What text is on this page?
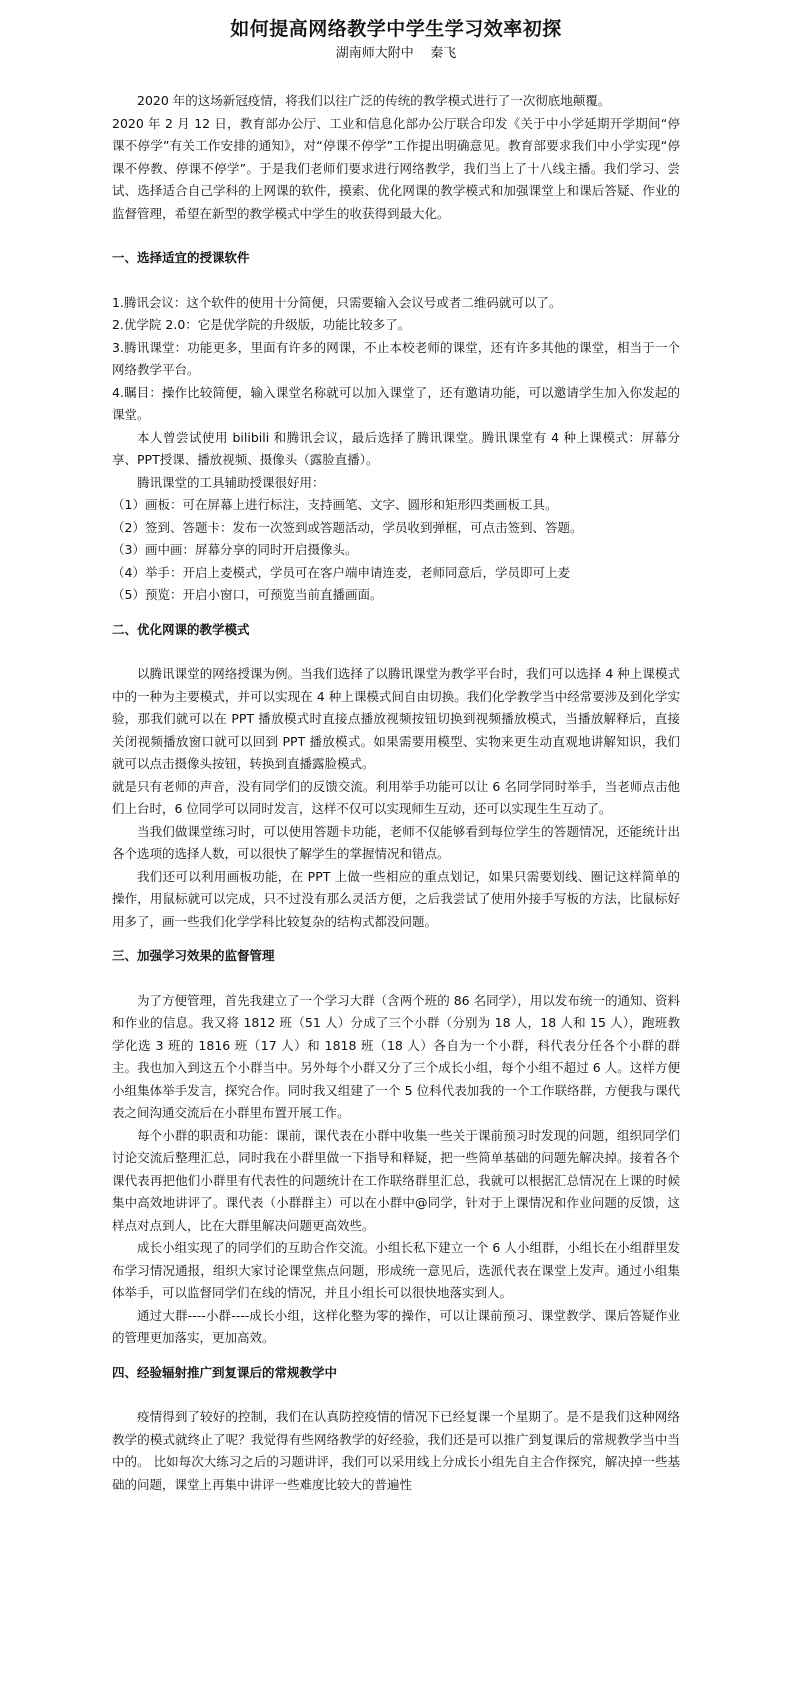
如何提高网络教学中学生学习效率初探

湖南师大附中    秦飞

2020 年的这场新冠疫情，将我们以往广泛的传统的教学模式进行了一次彻底地颠覆。

2020 年 2 月 12 日，教育部办公厅、工业和信息化部办公厅联合印发《关于中小学延期开学期间“停课不停学”有关工作安排的通知》，对“停课不停学”工作提出明确意见。教育部要求我们中小学实现“停课不停教、停课不停学”。于是我们老师们要求进行网络教学，我们当上了十八线主播。我们学习、尝试、选择适合自己学科的上网课的软件，摸索、优化网课的教学模式和加强课堂上和课后答疑、作业的监督管理，希望在新型的教学模式中学生的收获得到最大化。

一、选择适宜的授课软件

1.腾讯会议：这个软件的使用十分简便，只需要输入会议号或者二维码就可以了。

2.优学院 2.0：它是优学院的升级版，功能比较多了。

3.腾讯课堂：功能更多，里面有许多的网课，不止本校老师的课堂，还有许多其他的课堂，相当于一个网络教学平台。

4.瞩目：操作比较简便，输入课堂名称就可以加入课堂了，还有邀请功能，可以邀请学生加入你发起的课堂。

本人曾尝试使用 bilibili 和腾讯会议，最后选择了腾讯课堂。腾讯课堂有 4 种上课模式：屏幕分享、PPT授课、播放视频、摄像头（露脸直播）。

腾讯课堂的工具辅助授课很好用：

（1）画板：可在屏幕上进行标注，支持画笔、文字、圆形和矩形四类画板工具。

（2）签到、答题卡：发布一次签到或答题活动，学员收到弹框，可点击签到、答题。

（3）画中画：屏幕分享的同时开启摄像头。

（4）举手：开启上麦模式，学员可在客户端申请连麦，老师同意后，学员即可上麦

（5）预览：开启小窗口，可预览当前直播画面。

二、优化网课的教学模式

以腾讯课堂的网络授课为例。当我们选择了以腾讯课堂为教学平台时，我们可以选择 4 种上课模式中的一种为主要模式，并可以实现在 4 种上课模式间自由切换。我们化学教学当中经常要涉及到化学实验，那我们就可以在 PPT 播放模式时直接点播放视频按钮切换到视频播放模式，当播放解释后，直接关闭视频播放窗口就可以回到 PPT 播放模式。如果需要用模型、实物来更生动直观地讲解知识，我们就可以点击摄像头按钮，转换到直播露脸模式。

就是只有老师的声音，没有同学们的反馈交流。利用举手功能可以让 6 名同学同时举手，当老师点击他们上台时，6 位同学可以同时发言，这样不仅可以实现师生互动，还可以实现生生互动了。

当我们做课堂练习时，可以使用答题卡功能，老师不仅能够看到每位学生的答题情况，还能统计出各个选项的选择人数，可以很快了解学生的掌握情况和错点。

我们还可以利用画板功能，在 PPT 上做一些相应的重点划记，如果只需要划线、圈记这样简单的操作，用鼠标就可以完成，只不过没有那么灵活方便，之后我尝试了使用外接手写板的方法，比鼠标好用多了，画一些我们化学学科比较复杂的结构式都没问题。

三、加强学习效果的监督管理

为了方便管理，首先我建立了一个学习大群（含两个班的 86 名同学），用以发布统一的通知、资料和作业的信息。我又将 1812 班（51 人）分成了三个小群（分别为 18 人，18 人和 15 人），跑班教学化选 3 班的 1816 班（17 人）和 1818 班（18 人）各自为一个小群，科代表分任各个小群的群主。我也加入到这五个小群当中。另外每个小群又分了三个成长小组，每个小组不超过 6 人。这样方便小组集体举手发言，探究合作。同时我又组建了一个 5 位科代表加我的一个工作联络群，方便我与课代表之间沟通交流后在小群里布置开展工作。

每个小群的职责和功能：课前，课代表在小群中收集一些关于课前预习时发现的问题，组织同学们讨论交流后整理汇总，同时我在小群里做一下指导和释疑，把一些简单基础的问题先解决掉。接着各个课代表再把他们小群里有代表性的问题统计在工作联络群里汇总，我就可以根据汇总情况在上课的时候集中高效地讲评了。课代表（小群群主）可以在小群中@同学，针对于上课情况和作业问题的反馈，这样点对点到人，比在大群里解决问题更高效些。

成长小组实现了的同学们的互助合作交流。小组长私下建立一个 6 人小组群，小组长在小组群里发布学习情况通报，组织大家讨论课堂焦点问题，形成统一意见后，选派代表在课堂上发声。通过小组集体举手，可以监督同学们在线的情况，并且小组长可以很快地落实到人。

通过大群----小群----成长小组，这样化整为零的操作，可以让课前预习、课堂教学、课后答疑作业的管理更加落实，更加高效。

四、经验辐射推广到复课后的常规教学中

疫情得到了较好的控制，我们在认真防控疫情的情况下已经复课一个星期了。是不是我们这种网络教学的模式就终止了呢？我觉得有些网络教学的好经验，我们还是可以推广到复课后的常规教学当中当中的。 比如每次大练习之后的习题讲评，我们可以采用线上分成长小组先自主合作探究，解决掉一些基础的问题，课堂上再集中讲评一些难度比较大的普遍性
